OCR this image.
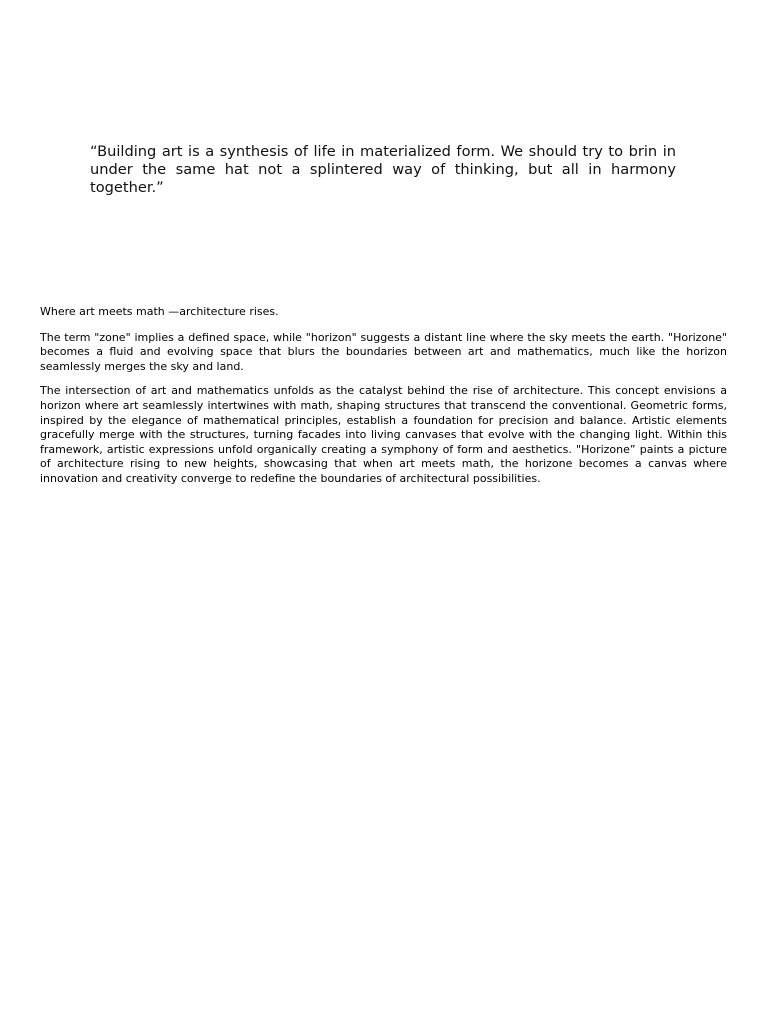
“Building art is a synthesis of life in materialized form. We should try to brin in under the same hat not a splintered way of thinking, but all in harmony together.”

Where art meets math —architecture rises.

The term "zone" implies a defined space, while "horizon" suggests a distant line where the sky meets the earth. "Horizone" becomes a fluid and evolving space that blurs the boundaries between art and mathematics, much like the horizon seamlessly merges the sky and land.

The intersection of art and mathematics unfolds as the catalyst behind the rise of architecture. This concept envisions a horizon where art seamlessly intertwines with math, shaping structures that transcend the conventional. Geometric forms, inspired by the elegance of mathematical principles, establish a foundation for precision and balance. Artistic elements gracefully merge with the structures, turning facades into living canvases that evolve with the changing light. Within this framework, artistic expressions unfold organically creating a symphony of form and aesthetics. "Horizone” paints a picture of architecture rising to new heights, showcasing that when art meets math, the horizone becomes a canvas where innovation and creativity converge to redefine the boundaries of architectural possibilities.
